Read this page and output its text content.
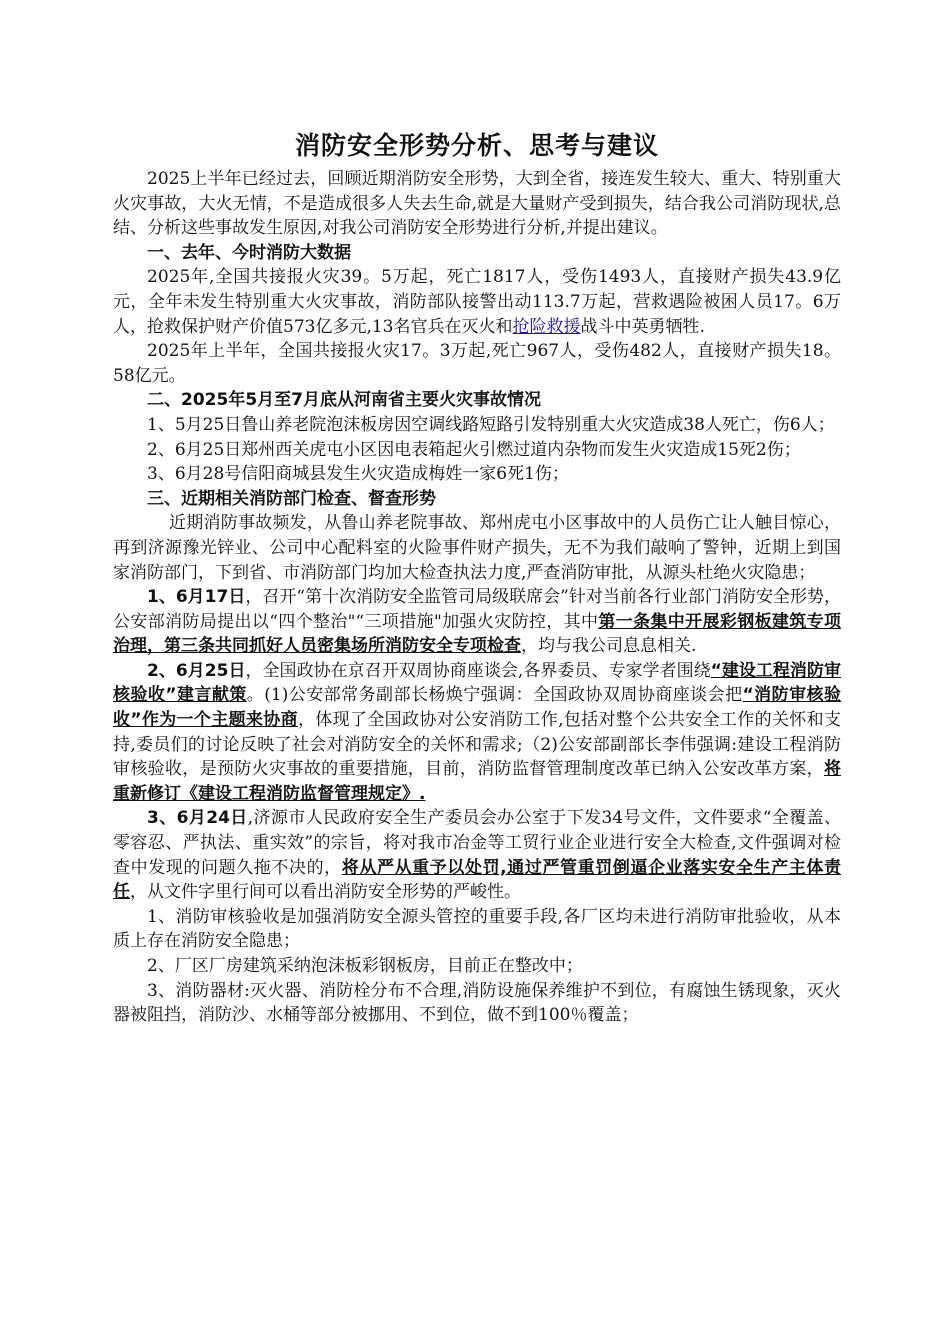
消防安全形势分析、思考与建议

2025上半年已经过去，回顾近期消防安全形势，大到全省，接连发生较大、重大、特别重大火灾事故，大火无情，不是造成很多人失去生命,就是大量财产受到损失，结合我公司消防现状,总结、分析这些事故发生原因,对我公司消防安全形势进行分析,并提出建议。

一、去年、今时消防大数据

2025年,全国共接报火灾39。5万起，死亡1817人，受伤1493人，直接财产损失43.9亿元，全年未发生特别重大火灾事故，消防部队接警出动113.7万起，营救遇险被困人员17。6万人，抢救保护财产价值573亿多元,13名官兵在灭火和抢险救援战斗中英勇牺牲.

2025年上半年，全国共接报火灾17。3万起,死亡967人，受伤482人，直接财产损失18。58亿元。

二、2025年5月至7月底从河南省主要火灾事故情况

1、5月25日鲁山养老院泡沫板房因空调线路短路引发特别重大火灾造成38人死亡，伤6人；

2、6月25日郑州西关虎屯小区因电表箱起火引燃过道内杂物而发生火灾造成15死2伤；

3、6月28号信阳商城县发生火灾造成梅姓一家6死1伤；

三、近期相关消防部门检查、督查形势

近期消防事故频发，从鲁山养老院事故、郑州虎屯小区事故中的人员伤亡让人触目惊心，再到济源豫光锌业、公司中心配料室的火险事件财产损失，无不为我们敲响了警钟，近期上到国家消防部门，下到省、市消防部门均加大检查执法力度,严查消防审批，从源头杜绝火灾隐患；

1、6月17日，召开“第十次消防安全监管司局级联席会”针对当前各行业部门消防安全形势，公安部消防局提出以“四个整治"“三项措施"加强火灾防控，其中第一条集中开展彩钢板建筑专项治理，第三条共同抓好人员密集场所消防安全专项检查，均与我公司息息相关.

2、6月25日，全国政协在京召开双周协商座谈会,各界委员、专家学者围绕“建设工程消防审核验收”建言献策。(1)公安部常务副部长杨焕宁强调：全国政协双周协商座谈会把“消防审核验收”作为一个主题来协商，体现了全国政协对公安消防工作,包括对整个公共安全工作的关怀和支持,委员们的讨论反映了社会对消防安全的关怀和需求;（2)公安部副部长李伟强调:建设工程消防审核验收，是预防火灾事故的重要措施，目前，消防监督管理制度改革已纳入公安改革方案，将重新修订《建设工程消防监督管理规定》.

3、6月24日,济源市人民政府安全生产委员会办公室于下发34号文件，文件要求“全覆盖、零容忍、严执法、重实效”的宗旨，将对我市冶金等工贸行业企业进行安全大检查,文件强调对检查中发现的问题久拖不决的，将从严从重予以处罚,通过严管重罚倒逼企业落实安全生产主体责任，从文件字里行间可以看出消防安全形势的严峻性。

1、消防审核验收是加强消防安全源头管控的重要手段,各厂区均未进行消防审批验收，从本质上存在消防安全隐患；

2、厂区厂房建筑采纳泡沫板彩钢板房，目前正在整改中；

3、消防器材:灭火器、消防栓分布不合理,消防设施保养维护不到位，有腐蚀生锈现象，灭火器被阻挡，消防沙、水桶等部分被挪用、不到位，做不到100％覆盖；
